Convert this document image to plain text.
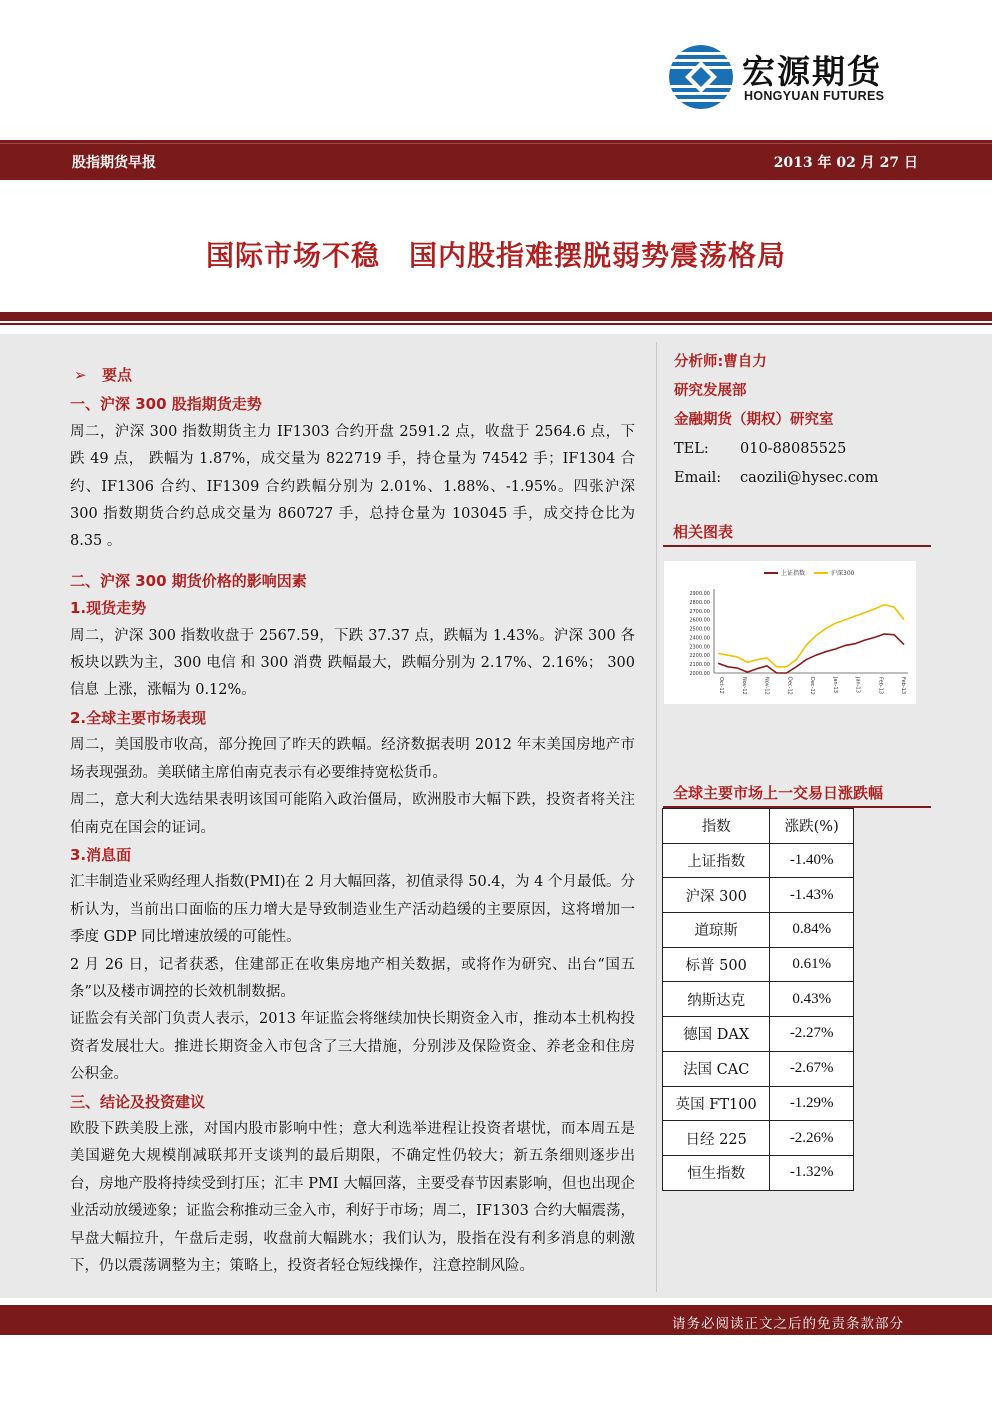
宏源期货
HONGYUAN FUTURES
股指期货早报	2013 年 02 月 27 日
国际市场不稳　国内股指难摆脱弱势震荡格局
➢ 要点
一、沪深 300 股指期货走势
周二，沪深 300 指数期货主力 IF1303 合约开盘 2591.2 点，收盘于 2564.6 点，下跌 49 点， 跌幅为 1.87%，成交量为 822719 手，持仓量为 74542 手；IF1304 合约、IF1306 合约、IF1309 合约跌幅分别为 2.01%、1.88%、-1.95%。四张沪深 300 指数期货合约总成交量为 860727 手，总持仓量为 103045 手，成交持仓比为 8.35 。
二、沪深 300 期货价格的影响因素
1.现货走势
周二，沪深 300 指数收盘于 2567.59，下跌 37.37 点，跌幅为 1.43%。沪深 300 各板块以跌为主，300 电信 和 300 消费 跌幅最大，跌幅分别为 2.17%、2.16%； 300 信息 上涨，涨幅为 0.12%。
2.全球主要市场表现
周二，美国股市收高，部分挽回了昨天的跌幅。经济数据表明 2012 年末美国房地产市场表现强劲。美联储主席伯南克表示有必要维持宽松货币。
周二，意大利大选结果表明该国可能陷入政治僵局，欧洲股市大幅下跌，投资者将关注伯南克在国会的证词。
3.消息面
汇丰制造业采购经理人指数(PMI)在 2 月大幅回落，初值录得 50.4，为 4 个月最低。分析认为，当前出口面临的压力增大是导致制造业生产活动趋缓的主要原因，这将增加一季度 GDP 同比增速放缓的可能性。
2 月 26 日，记者获悉，住建部正在收集房地产相关数据，或将作为研究、出台“国五条”以及楼市调控的长效机制数据。
证监会有关部门负责人表示，2013 年证监会将继续加快长期资金入市，推动本土机构投资者发展壮大。推进长期资金入市包含了三大措施，分别涉及保险资金、养老金和住房公积金。
三、结论及投资建议
欧股下跌美股上涨，对国内股市影响中性；意大利选举进程让投资者堪忧，而本周五是美国避免大规模削减联邦开支谈判的最后期限，不确定性仍较大；新五条细则逐步出台，房地产股将持续受到打压；汇丰 PMI 大幅回落，主要受春节因素影响，但也出现企业活动放缓迹象；证监会称推动三金入市，利好于市场；周二，IF1303 合约大幅震荡，早盘大幅拉升，午盘后走弱，收盘前大幅跳水；我们认为，股指在没有利多消息的刺激下，仍以震荡调整为主；策略上，投资者轻仓短线操作，注意控制风险。
分析师:曹自力
研究发展部
金融期货（期权）研究室
TEL: 010-88085525
Email: caozili@hysec.com
相关图表
2900.00
2800.00
2700.00
2600.00
2500.00
2400.00
2300.00
2200.00
2100.00
2000.00
Oct-12	Nov-12	Nov-12	Dec-12	Dec-12	Jan-13	Jan-13	Feb-13	Feb-13
上证指数	沪深300
全球主要市场上一交易日涨跌幅
指数	涨跌(%)
上证指数	-1.40%
沪深 300	-1.43%
道琼斯	0.84%
标普 500	0.61%
纳斯达克	0.43%
德国 DAX	-2.27%
法国 CAC	-2.67%
英国 FT100	-1.29%
日经 225	-2.26%
恒生指数	-1.32%
请务必阅读正文之后的免责条款部分
